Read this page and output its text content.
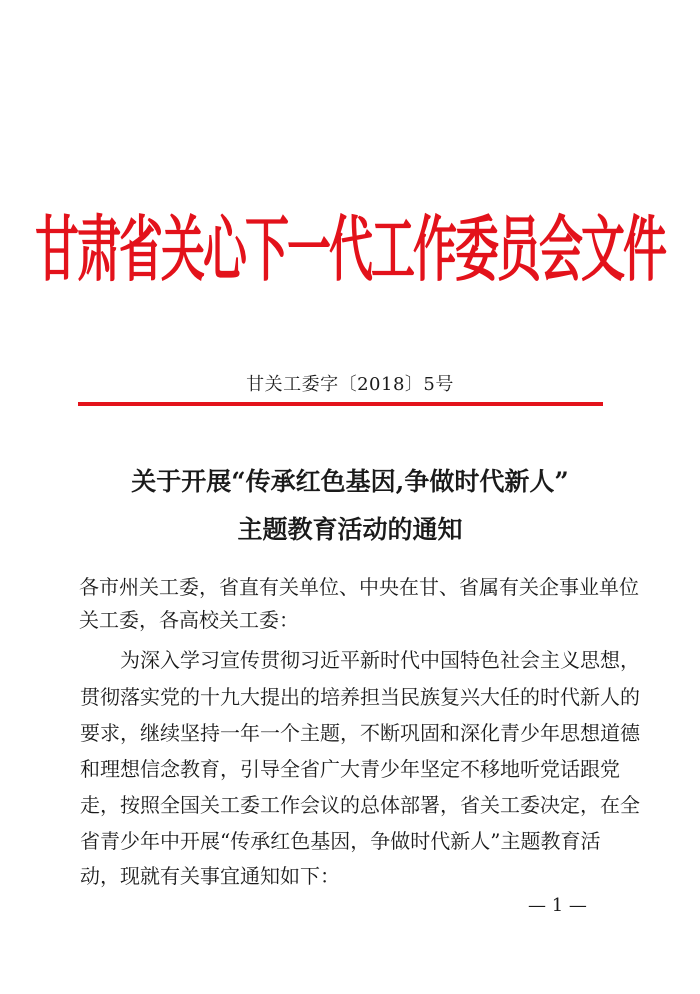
甘肃省关心下一代工作委员会文件
甘关工委字〔2018〕5号
关于开展“传承红色基因,争做时代新人”
主题教育活动的通知
各市州关工委，省直有关单位、中央在甘、省属有关企事业单位
关工委，各高校关工委：
为深入学习宣传贯彻习近平新时代中国特色社会主义思想，
贯彻落实党的十九大提出的培养担当民族复兴大任的时代新人的
要求，继续坚持一年一个主题，不断巩固和深化青少年思想道德
和理想信念教育，引导全省广大青少年坚定不移地听党话跟党
走，按照全国关工委工作会议的总体部署，省关工委决定，在全
省青少年中开展“传承红色基因，争做时代新人”主题教育活
动，现就有关事宜通知如下：
— 1 —
